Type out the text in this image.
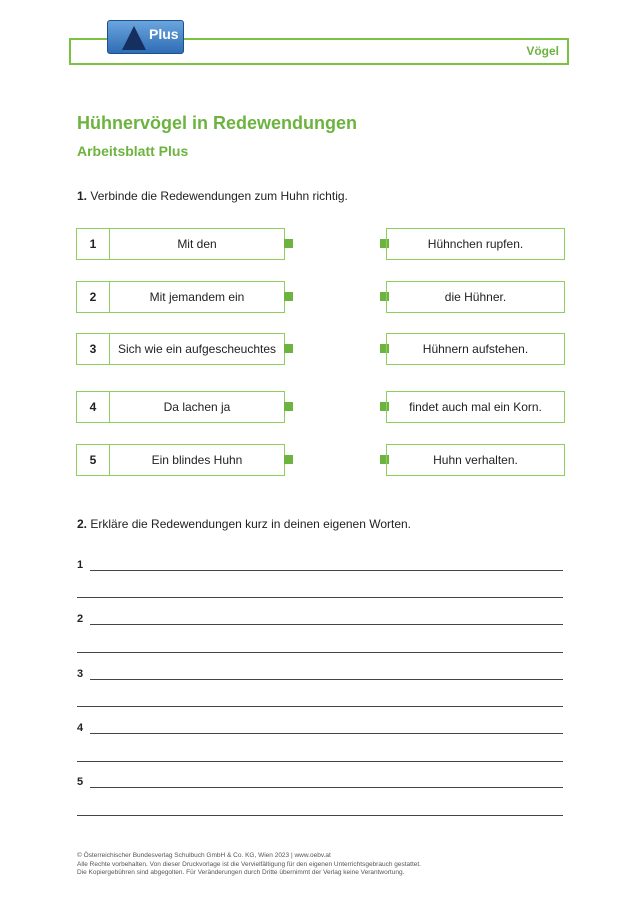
Vögel
Plus
Hühnervögel in Redewendungen
Arbeitsblatt Plus
1. Verbinde die Redewendungen zum Huhn richtig.
1	Mit den	Hühnchen rupfen.
2	Mit jemandem ein	die Hühner.
3	Sich wie ein aufgescheuchtes	Hühnern aufstehen.
4	Da lachen ja	findet auch mal ein Korn.
5	Ein blindes Huhn	Huhn verhalten.
2. Erkläre die Redewendungen kurz in deinen eigenen Worten.
1
2
3
4
5
© Österreichischer Bundesverlag Schulbuch GmbH & Co. KG, Wien 2023 | www.oebv.at
Alle Rechte vorbehalten. Von dieser Druckvorlage ist die Vervielfältigung für den eigenen Unterrichtsgebrauch gestattet.
Die Kopiergebühren sind abgegolten. Für Veränderungen durch Dritte übernimmt der Verlag keine Verantwortung.
